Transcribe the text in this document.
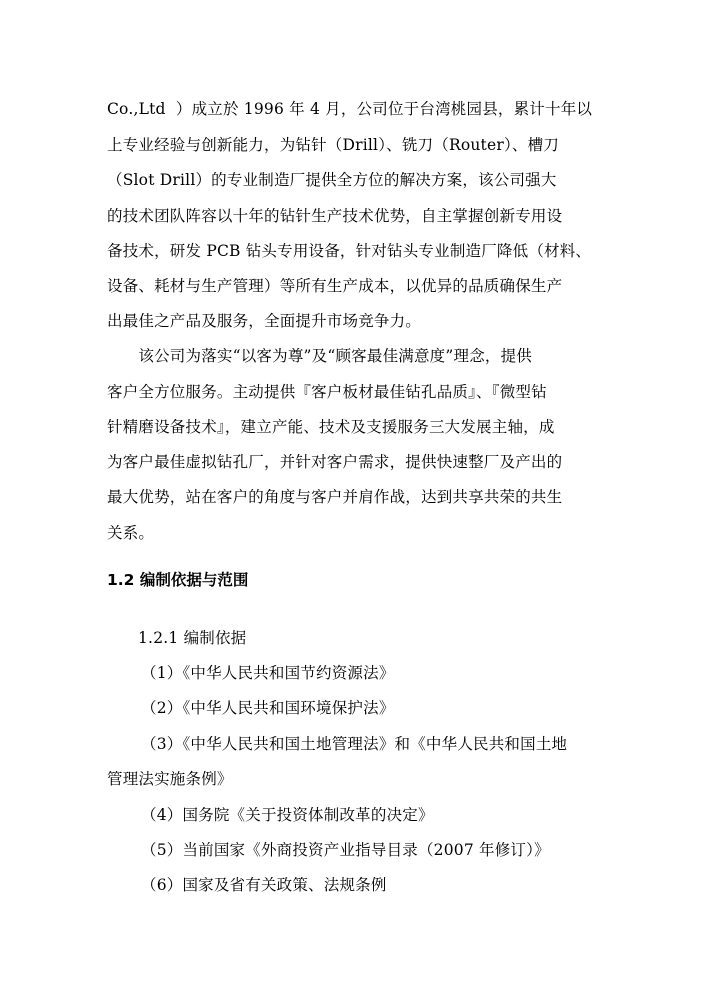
Co.,Ltd  ）成立於 1996 年 4 月，公司位于台湾桃园县，累计十年以
上专业经验与创新能力，为钻针（Drill）、铣刀（Router）、槽刀
（Slot Drill）的专业制造厂提供全方位的解决方案，该公司强大
的技术团队阵容以十年的钻针生产技术优势，自主掌握创新专用设
备技术，研发 PCB 钻头专用设备，针对钻头专业制造厂降低（材料、
设备、耗材与生产管理）等所有生产成本，以优异的品质确保生产
出最佳之产品及服务，全面提升市场竞争力。
　　该公司为落实“以客为尊”及“顾客最佳满意度”理念，提供
客户全方位服务。主动提供『客户板材最佳钻孔品质』、『微型钻
针精磨设备技术』，建立产能、技术及支援服务三大发展主轴，成
为客户最佳虚拟钻孔厂，并针对客户需求，提供快速整厂及产出的
最大优势，站在客户的角度与客户并肩作战，达到共享共荣的共生
关系。
1.2 编制依据与范围
1.2.1 编制依据
（1）《中华人民共和国节约资源法》
（2）《中华人民共和国环境保护法》
（3）《中华人民共和国土地管理法》和《中华人民共和国土地
管理法实施条例》
（4）国务院《关于投资体制改革的决定》
（5）当前国家《外商投资产业指导目录（2007 年修订）》
（6）国家及省有关政策、法规条例
